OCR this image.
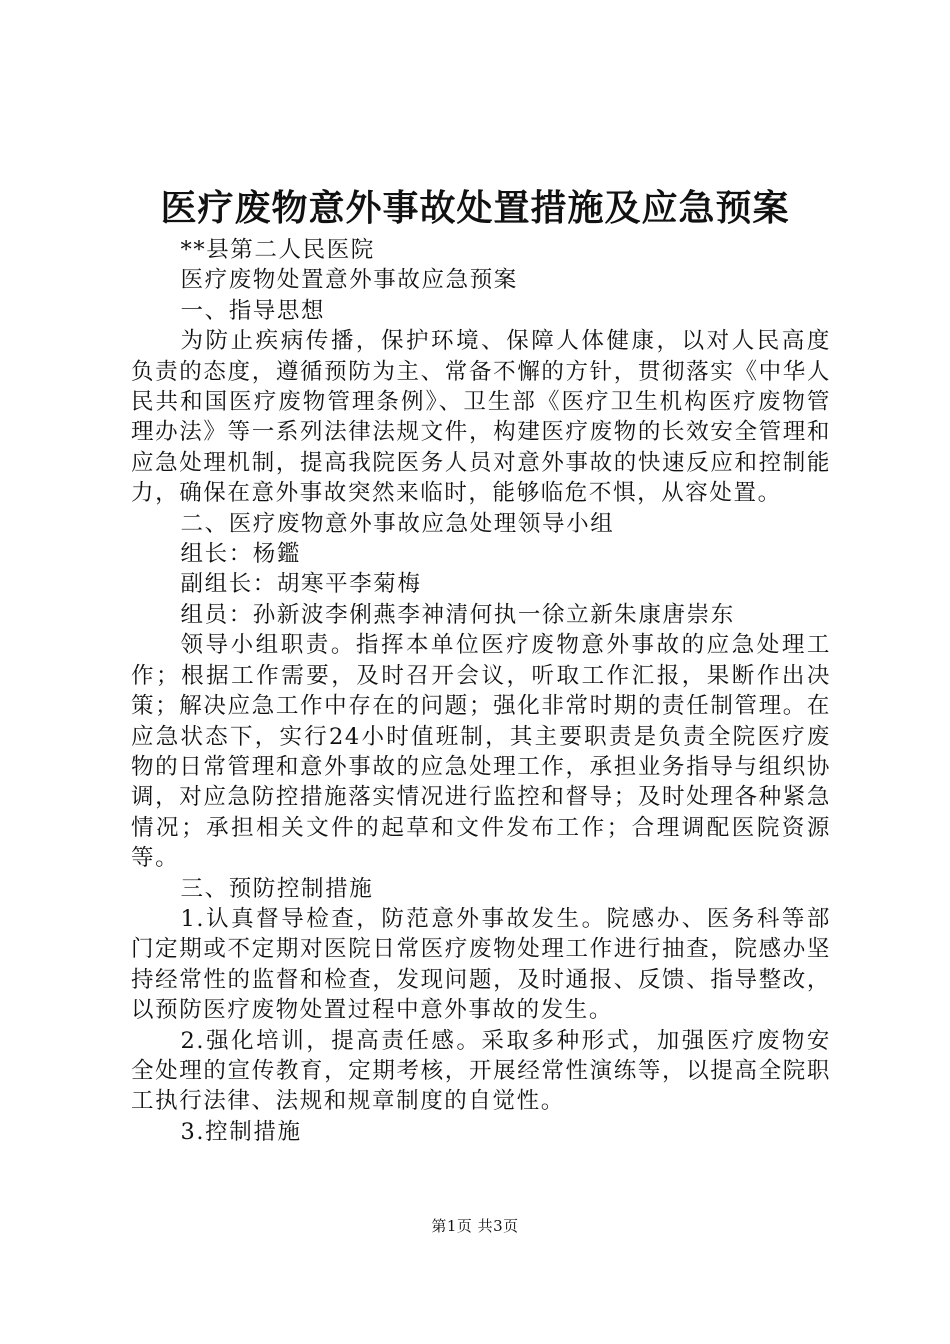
医疗废物意外事故处置措施及应急预案

**县第二人民医院

医疗废物处置意外事故应急预案

一、指导思想

为防止疾病传播，保护环境、保障人体健康，以对人民高度负责的态度，遵循预防为主、常备不懈的方针，贯彻落实《中华人民共和国医疗废物管理条例》、卫生部《医疗卫生机构医疗废物管理办法》等一系列法律法规文件，构建医疗废物的长效安全管理和应急处理机制，提高我院医务人员对意外事故的快速反应和控制能力，确保在意外事故突然来临时，能够临危不惧，从容处置。

二、医疗废物意外事故应急处理领导小组

组长：杨鑑

副组长：胡寒平李菊梅

组员：孙新波李俐燕李神清何执一徐立新朱康唐崇东

领导小组职责。指挥本单位医疗废物意外事故的应急处理工作；根据工作需要，及时召开会议，听取工作汇报，果断作出决策；解决应急工作中存在的问题；强化非常时期的责任制管理。在应急状态下，实行24小时值班制，其主要职责是负责全院医疗废物的日常管理和意外事故的应急处理工作，承担业务指导与组织协调，对应急防控措施落实情况进行监控和督导；及时处理各种紧急情况；承担相关文件的起草和文件发布工作；合理调配医院资源等。

三、预防控制措施

1.认真督导检查，防范意外事故发生。院感办、医务科等部门定期或不定期对医院日常医疗废物处理工作进行抽查，院感办坚持经常性的监督和检查，发现问题，及时通报、反馈、指导整改，以预防医疗废物处置过程中意外事故的发生。

2.强化培训，提高责任感。采取多种形式，加强医疗废物安全处理的宣传教育，定期考核，开展经常性演练等，以提高全院职工执行法律、法规和规章制度的自觉性。

3.控制措施

第1页 共3页
